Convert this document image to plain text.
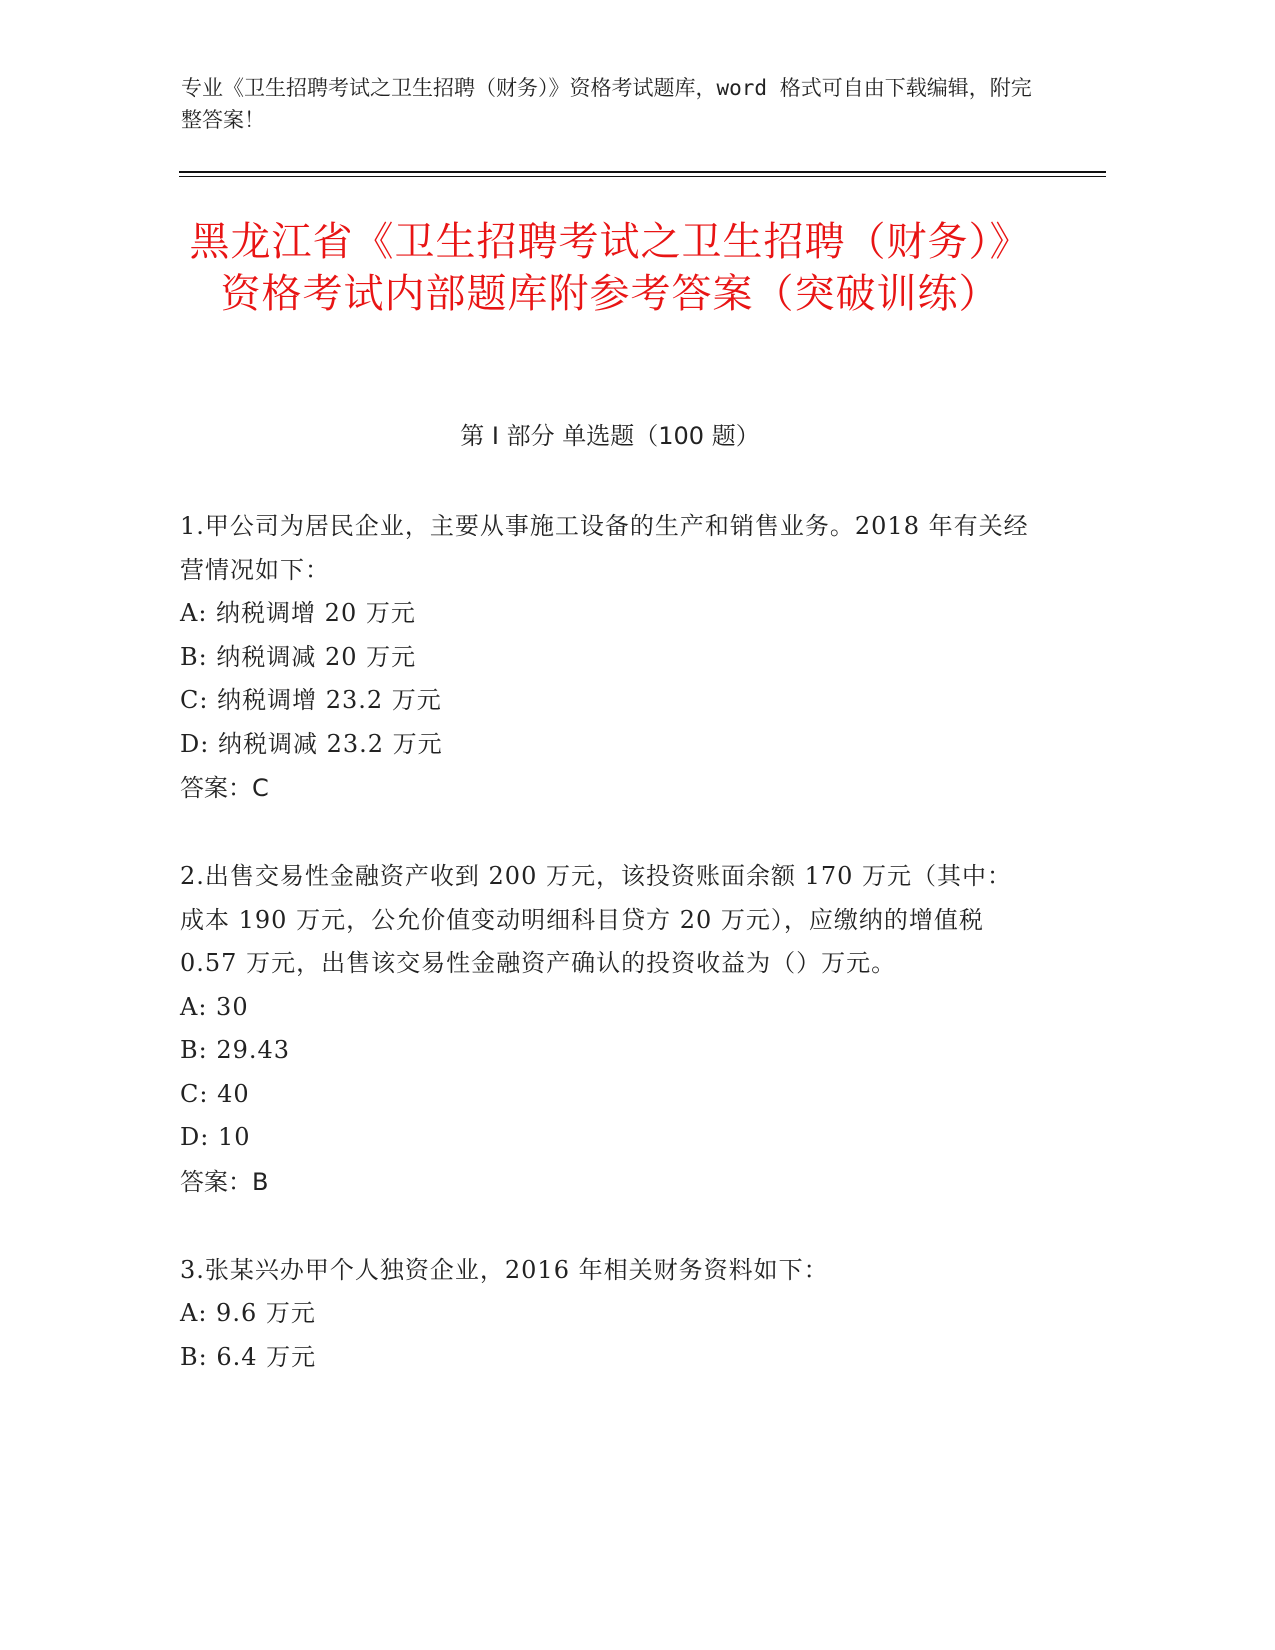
专业《卫生招聘考试之卫生招聘（财务）》资格考试题库，word 格式可自由下载编辑，附完整答案！
黑龙江省《卫生招聘考试之卫生招聘（财务）》资格考试内部题库附参考答案（突破训练）
第 I 部分 单选题（100 题）

1.甲公司为居民企业，主要从事施工设备的生产和销售业务。2018 年有关经营情况如下：

A: 纳税调增 20 万元

B: 纳税调减 20 万元

C: 纳税调增 23.2 万元

D: 纳税调减 23.2 万元

答案：C

2.出售交易性金融资产收到 200 万元，该投资账面余额 170 万元（其中：成本 190 万元，公允价值变动明细科目贷方 20 万元），应缴纳的增值税 0.57 万元，出售该交易性金融资产确认的投资收益为（）万元。

A: 30

B: 29.43

C: 40

D: 10

答案：B

3.张某兴办甲个人独资企业，2016 年相关财务资料如下：

A: 9.6 万元

B: 6.4 万元
